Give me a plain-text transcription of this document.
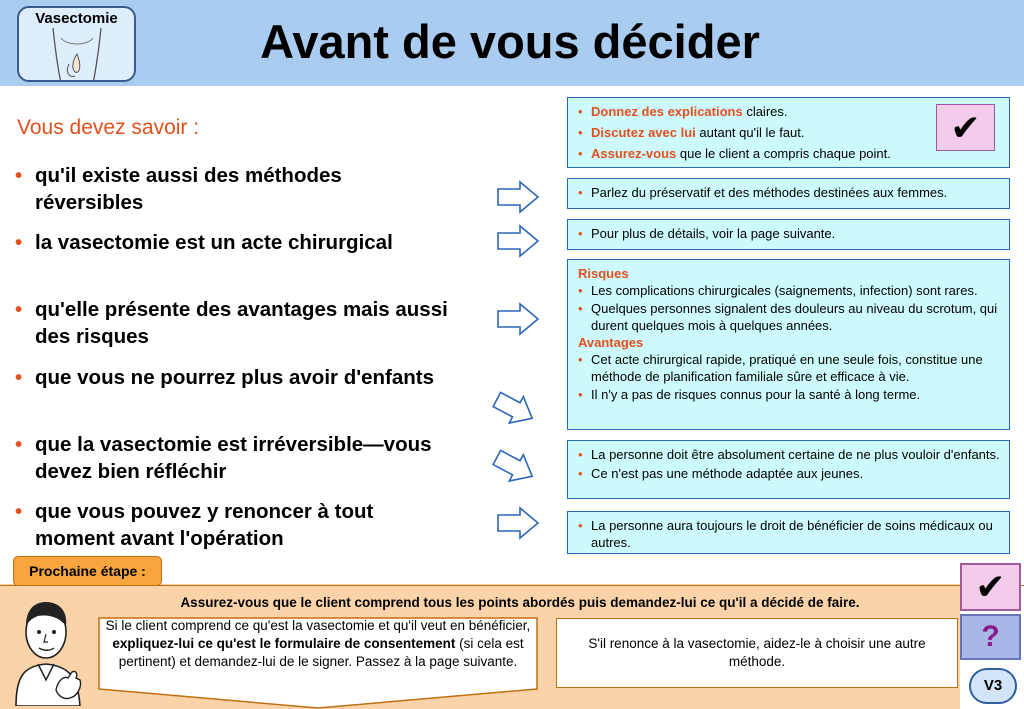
Vasectomie	Avant de vous décider
Vous devez savoir :
• qu'il existe aussi des méthodes réversibles
• la vasectomie est un acte chirurgical
• qu'elle présente des avantages mais aussi des risques
• que vous ne pourrez plus avoir d'enfants
• que la vasectomie est irréversible—vous devez bien réfléchir
• que vous pouvez y renoncer à tout moment avant l'opération
• Donnez des explications claires.
• Discutez avec lui autant qu'il le faut.
• Assurez-vous que le client a compris chaque point.
✔
• Parlez du préservatif et des méthodes destinées aux femmes.
• Pour plus de détails, voir la page suivante.
Risques
• Les complications chirurgicales (saignements, infection) sont rares.
• Quelques personnes signalent des douleurs au niveau du scrotum, qui durent quelques mois à quelques années.
Avantages
• Cet acte chirurgical rapide, pratiqué en une seule fois, constitue une méthode de planification familiale sûre et efficace à vie.
• Il n'y a pas de risques connus pour la santé à long terme.
• La personne doit être absolument certaine de ne plus vouloir d'enfants.
• Ce n'est pas une méthode adaptée aux jeunes.
• La personne aura toujours le droit de bénéficier de soins médicaux ou autres.
Prochaine étape :
Assurez-vous que le client comprend tous les points abordés puis demandez-lui ce qu'il a décidé de faire.
Si le client comprend ce qu'est la vasectomie et qu'il veut en bénéficier, expliquez-lui ce qu'est le formulaire de consentement (si cela est pertinent) et demandez-lui de le signer. Passez à la page suivante.
S'il renonce à la vasectomie, aidez-le à choisir une autre méthode.
✔
?
V3
